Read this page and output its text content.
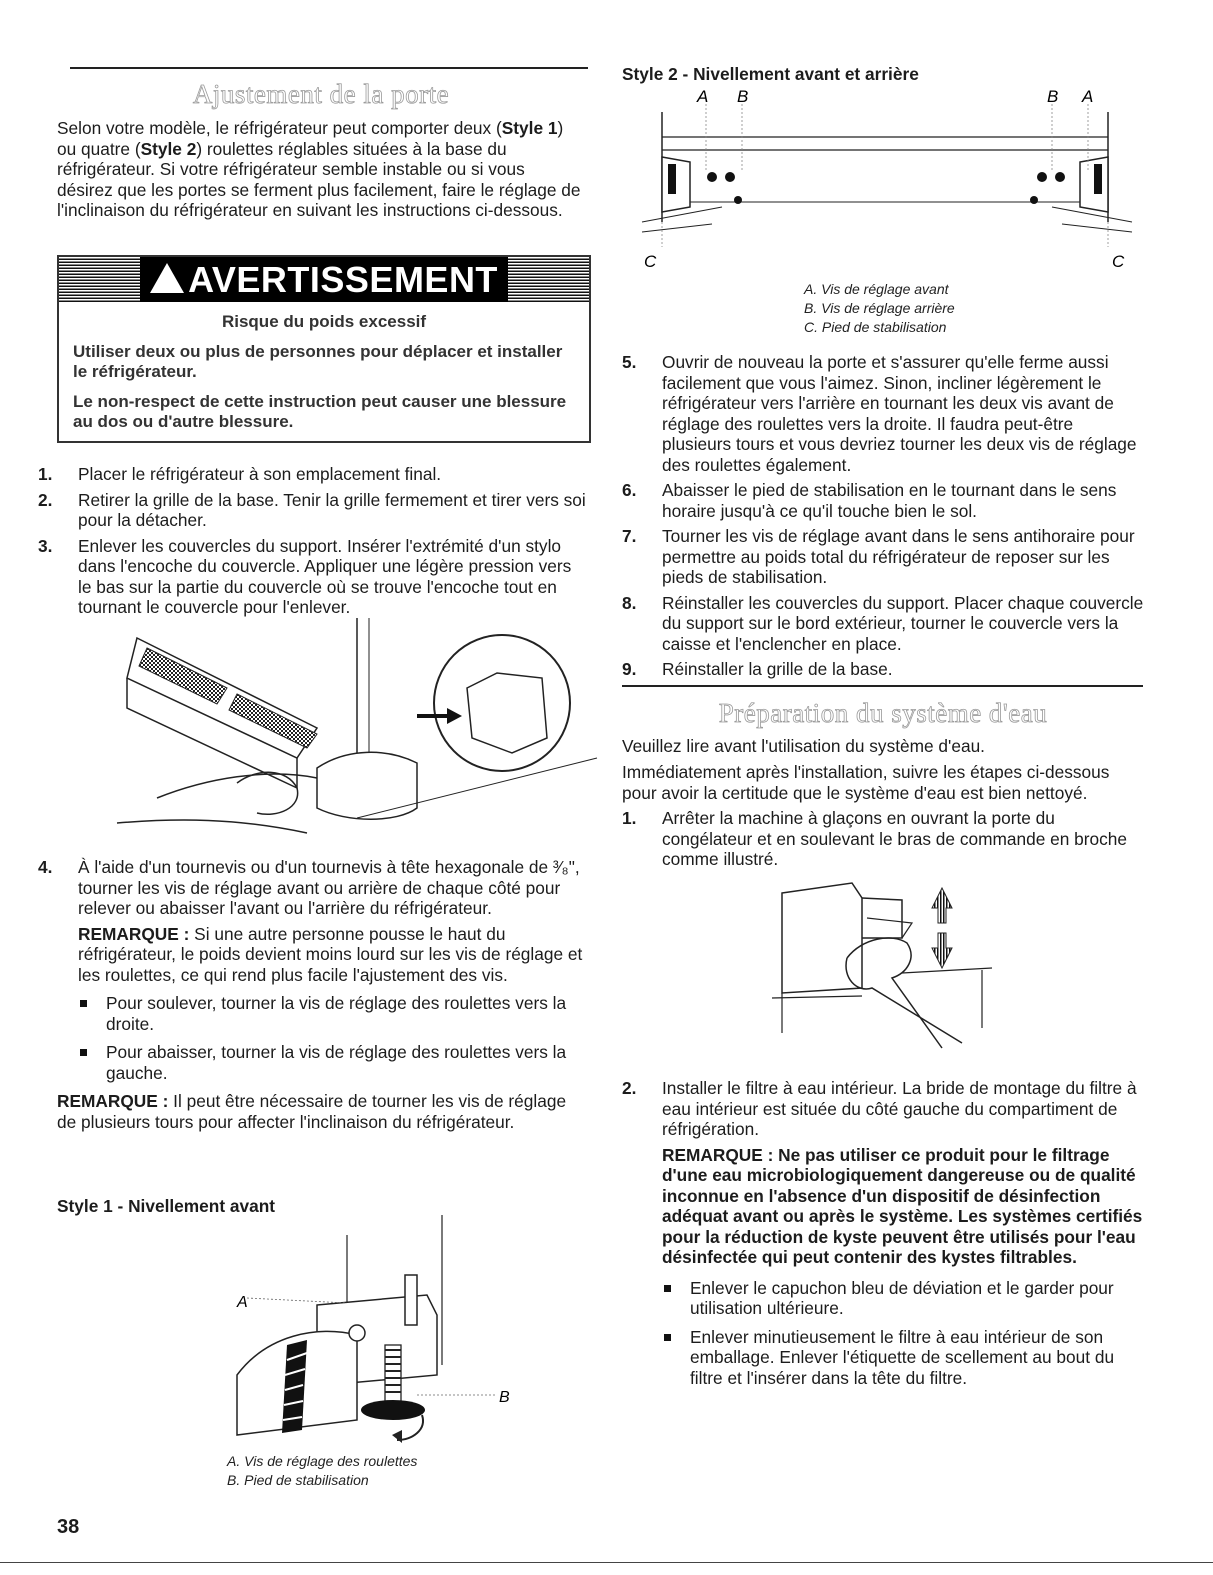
Ajustement de la porte

Selon votre modèle, le réfrigérateur peut comporter deux (Style 1) ou quatre (Style 2) roulettes réglables situées à la base du réfrigérateur. Si votre réfrigérateur semble instable ou si vous désirez que les portes se ferment plus facilement, faire le réglage de l'inclinaison du réfrigérateur en suivant les instructions ci-dessous.

AVERTISSEMENT

Risque du poids excessif

Utiliser deux ou plus de personnes pour déplacer et installer le réfrigérateur.

Le non-respect de cette instruction peut causer une blessure au dos ou d'autre blessure.

1. Placer le réfrigérateur à son emplacement final.
2. Retirer la grille de la base. Tenir la grille fermement et tirer vers soi pour la détacher.
3. Enlever les couvercles du support. Insérer l'extrémité d'un stylo dans l'encoche du couvercle. Appliquer une légère pression vers le bas sur la partie du couvercle où se trouve l'encoche tout en tournant le couvercle pour l'enlever.
4. À l'aide d'un tournevis ou d'un tournevis à tête hexagonale de ³⁄₈", tourner les vis de réglage avant ou arrière de chaque côté pour relever ou abaisser l'avant ou l'arrière du réfrigérateur.

REMARQUE : Si une autre personne pousse le haut du réfrigérateur, le poids devient moins lourd sur les vis de réglage et les roulettes, ce qui rend plus facile l'ajustement des vis.

Pour soulever, tourner la vis de réglage des roulettes vers la droite.
Pour abaisser, tourner la vis de réglage des roulettes vers la gauche.

REMARQUE : Il peut être nécessaire de tourner les vis de réglage de plusieurs tours pour affecter l'inclinaison du réfrigérateur.

Style 1 - Nivellement avant
A
B
A. Vis de réglage des roulettes
B. Pied de stabilisation
38
Style 2 - Nivellement avant et arrière
A B	B A
C	C
A. Vis de réglage avant
B. Vis de réglage arrière
C. Pied de stabilisation
5. Ouvrir de nouveau la porte et s'assurer qu'elle ferme aussi facilement que vous l'aimez. Sinon, incliner légèrement le réfrigérateur vers l'arrière en tournant les deux vis avant de réglage des roulettes vers la droite. Il faudra peut-être plusieurs tours et vous devriez tourner les deux vis de réglage des roulettes également.
6. Abaisser le pied de stabilisation en le tournant dans le sens horaire jusqu'à ce qu'il touche bien le sol.
7. Tourner les vis de réglage avant dans le sens antihoraire pour permettre au poids total du réfrigérateur de reposer sur les pieds de stabilisation.
8. Réinstaller les couvercles du support. Placer chaque couvercle du support sur le bord extérieur, tourner le couvercle vers la caisse et l'enclencher en place.
9. Réinstaller la grille de la base.
Préparation du système d'eau

Veuillez lire avant l'utilisation du système d'eau.

Immédiatement après l'installation, suivre les étapes ci-dessous pour avoir la certitude que le système d'eau est bien nettoyé.

1. Arrêter la machine à glaçons en ouvrant la porte du congélateur et en soulevant le bras de commande en broche comme illustré.
2. Installer le filtre à eau intérieur. La bride de montage du filtre à eau intérieur est située du côté gauche du compartiment de réfrigération.

REMARQUE : Ne pas utiliser ce produit pour le filtrage d'une eau microbiologiquement dangereuse ou de qualité inconnue en l'absence d'un dispositif de désinfection adéquat avant ou après le système. Les systèmes certifiés pour la réduction de kyste peuvent être utilisés pour l'eau désinfectée qui peut contenir des kystes filtrables.

Enlever le capuchon bleu de déviation et le garder pour utilisation ultérieure.
Enlever minutieusement le filtre à eau intérieur de son emballage. Enlever l'étiquette de scellement au bout du filtre et l'insérer dans la tête du filtre.
